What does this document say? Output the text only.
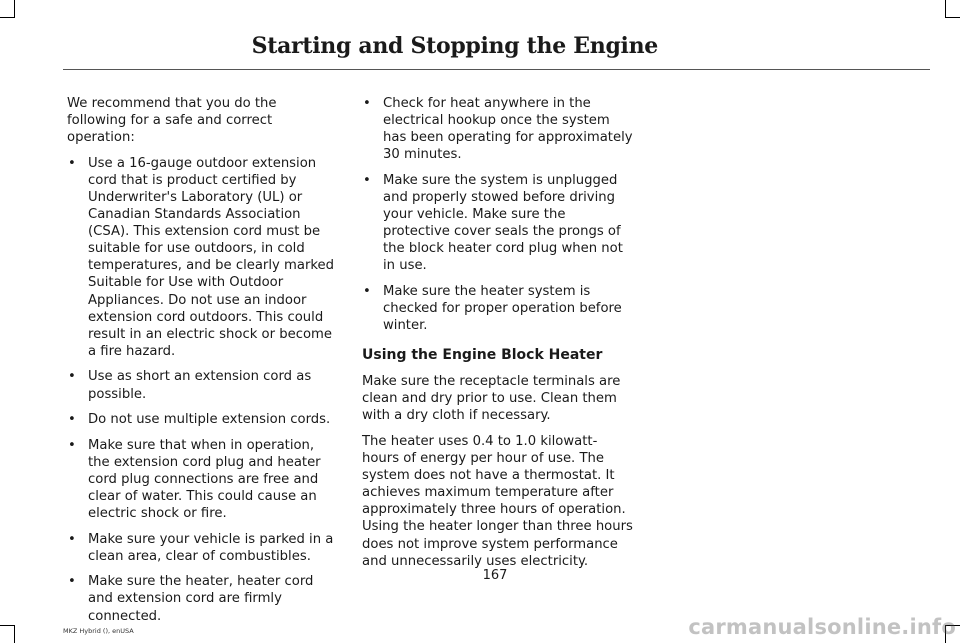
Starting and Stopping the Engine

We recommend that you do the following for a safe and correct operation:

• Use a 16-gauge outdoor extension cord that is product certified by Underwriter's Laboratory (UL) or Canadian Standards Association (CSA). This extension cord must be suitable for use outdoors, in cold temperatures, and be clearly marked Suitable for Use with Outdoor Appliances. Do not use an indoor extension cord outdoors. This could result in an electric shock or become a fire hazard.
• Use as short an extension cord as possible.
• Do not use multiple extension cords.
• Make sure that when in operation, the extension cord plug and heater cord plug connections are free and clear of water. This could cause an electric shock or fire.
• Make sure your vehicle is parked in a clean area, clear of combustibles.
• Make sure the heater, heater cord and extension cord are firmly connected.
• Check for heat anywhere in the electrical hookup once the system has been operating for approximately 30 minutes.
• Make sure the system is unplugged and properly stowed before driving your vehicle. Make sure the protective cover seals the prongs of the block heater cord plug when not in use.
• Make sure the heater system is checked for proper operation before winter.
Using the Engine Block Heater

Make sure the receptacle terminals are clean and dry prior to use. Clean them with a dry cloth if necessary.

The heater uses 0.4 to 1.0 kilowatt-hours of energy per hour of use. The system does not have a thermostat. It achieves maximum temperature after approximately three hours of operation. Using the heater longer than three hours does not improve system performance and unnecessarily uses electricity.

167
MKZ Hybrid (), enUSA	carmanualsonline.info
